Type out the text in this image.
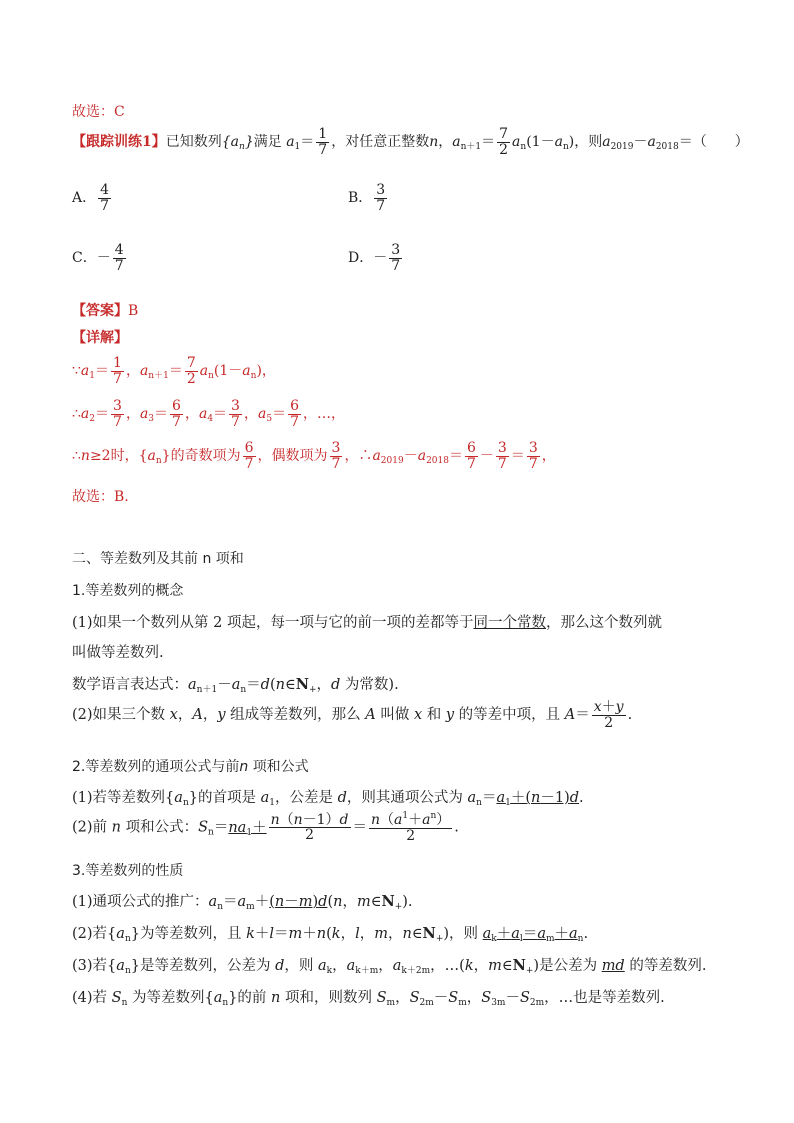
故选：C
【跟踪训练1】已知数列$\{a_n\}$满足 $a_1= \frac{1}{7}$ ，对任意正整数n，$a_{n+1}= \frac{7}{2} a_n(1-a_n)$，则$a_{2019}-a_{2018}=$（　　）
A． $\frac{4}{7}$	B． $\frac{3}{7}$
C．－ $\frac{4}{7}$	D．－ $\frac{3}{7}$
【答案】B
【详解】
$\because a_1= \frac{1}{7}$ ，$a_{n+1}= \frac{7}{2} a_n(1-a_n)$，
$\therefore a_2= \frac{3}{7}$ ，$a_3= \frac{6}{7}$ ，$a_4= \frac{3}{7}$ ，$a_5= \frac{6}{7}$ ，…，
∴n≥2时，$\{a_n\}$的奇数项为 $\frac{6}{7}$ ，偶数项为 $\frac{3}{7}$ ，$\therefore a_{2019}-a_{2018}= \frac{6}{7} - \frac{3}{7} = \frac{3}{7}$ ，
故选：B.
二、等差数列及其前 n 项和
1.等差数列的概念
(1)如果一个数列从第 2 项起，每一项与它的前一项的差都等于同一个常数，那么这个数列就
叫做等差数列.
数学语言表达式：$a_{n+1}-a_n=d(n\in N_+$，d 为常数).
(2)如果三个数 x，A，y 组成等差数列，那么 A 叫做 x 和 y 的等差中项，且 $A= \frac{x+y}{2}$ .
2.等差数列的通项公式与前n 项和公式
(1)若等差数列$\{a_n\}$的首项是 $a_1$，公差是 d，则其通项公式为 $a_n=a_1+(n-1)d$.
(2)前 n 项和公式：$S_n=na_1+ \frac{n(n-1)d}{2} = \frac{n(a^1+a^n)}{2}$ .
3.等差数列的性质
(1)通项公式的推广：$a_n=a_m+(n-m)d(n$，$m\in N_+$).
(2)若$\{a_n\}$为等差数列，且 k＋l＝m＋n(k，l，m，$n\in N_+$)，则 $a_k+a_l=a_m+a_n$.
(3)若$\{a_n\}$是等差数列，公差为 d，则 $a_k$，$a_{k+m}$，$a_{k+2m}$，…(k，$m\in N_+$)是公差为 md 的等差数列.
(4)若 $S_n$ 为等差数列$\{a_n\}$的前 n 项和，则数列 $S_m$，$S_{2m}-S_m$，$S_{3m}-S_{2m}$，…也是等差数列.
